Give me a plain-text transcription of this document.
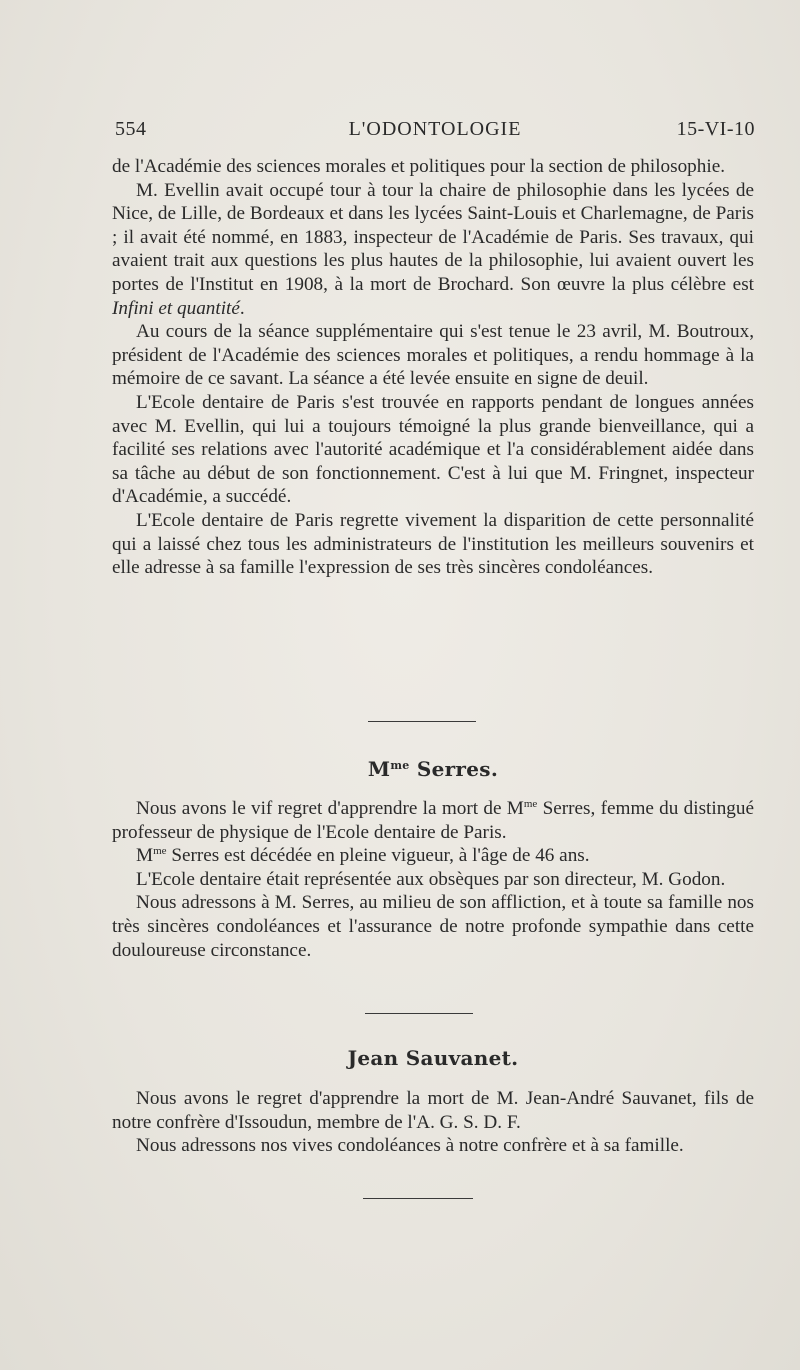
554	L'ODONTOLOGIE	15-VI-10

de l'Académie des sciences morales et politiques pour la section de philosophie.

M. Evellin avait occupé tour à tour la chaire de philosophie dans les lycées de Nice, de Lille, de Bordeaux et dans les lycées Saint-Louis et Charlemagne, de Paris ; il avait été nommé, en 1883, inspecteur de l'Académie de Paris. Ses travaux, qui avaient trait aux questions les plus hautes de la philosophie, lui avaient ouvert les portes de l'Institut en 1908, à la mort de Brochard. Son œuvre la plus célèbre est Infini et quantité.

Au cours de la séance supplémentaire qui s'est tenue le 23 avril, M. Boutroux, président de l'Académie des sciences morales et politiques, a rendu hommage à la mémoire de ce savant. La séance a été levée ensuite en signe de deuil.

L'Ecole dentaire de Paris s'est trouvée en rapports pendant de longues années avec M. Evellin, qui lui a toujours témoigné la plus grande bienveillance, qui a facilité ses relations avec l'autorité académique et l'a considérablement aidée dans sa tâche au début de son fonctionnement. C'est à lui que M. Fringnet, inspecteur d'Académie, a succédé.

L'Ecole dentaire de Paris regrette vivement la disparition de cette personnalité qui a laissé chez tous les administrateurs de l'institution les meilleurs souvenirs et elle adresse à sa famille l'expression de ses très sincères condoléances.

$M^{me}$ Serres.

Nous avons le vif regret d'apprendre la mort de $M^{me}$ Serres, femme du distingué professeur de physique de l'Ecole dentaire de Paris.

$M^{me}$ Serres est décédée en pleine vigueur, à l'âge de 46 ans.

L'Ecole dentaire était représentée aux obsèques par son directeur, M. Godon.

Nous adressons à M. Serres, au milieu de son affliction, et à toute sa famille nos très sincères condoléances et l'assurance de notre profonde sympathie dans cette douloureuse circonstance.

Jean Sauvanet.

Nous avons le regret d'apprendre la mort de M. Jean-André Sauvanet, fils de notre confrère d'Issoudun, membre de l'A. G. S. D. F.

Nous adressons nos vives condoléances à notre confrère et à sa famille.
